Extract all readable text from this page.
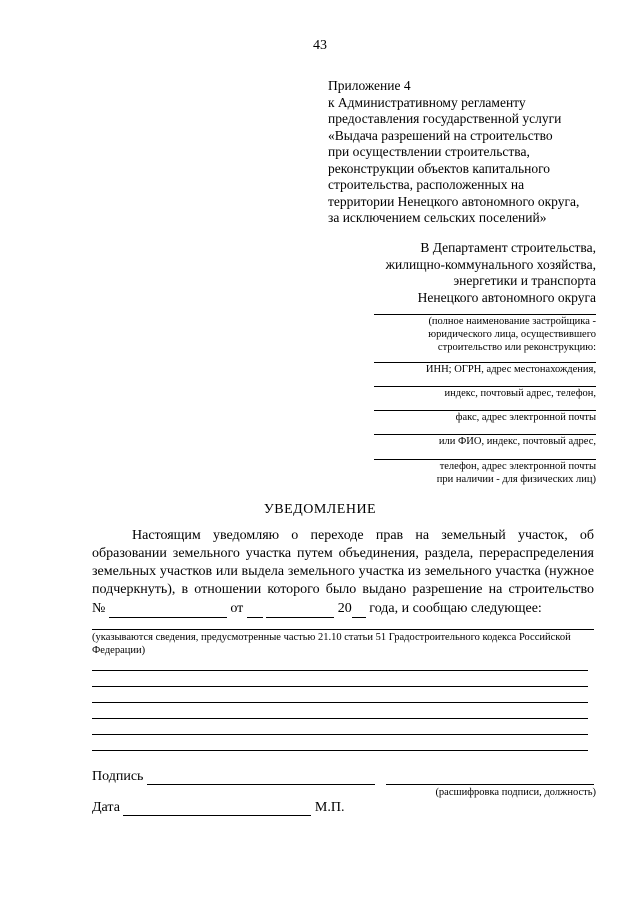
43
Приложение 4
к Административному регламенту
предоставления государственной услуги
«Выдача разрешений на строительство
при осуществлении строительства,
реконструкции объектов капитального
строительства, расположенных на
территории Ненецкого автономного округа,
за исключением сельских поселений»
В Департамент строительства,
жилищно-коммунального хозяйства,
энергетики и транспорта
Ненецкого автономного округа
(полное наименование застройщика -
юридического лица, осуществившего
строительство или реконструкцию:
ИНН; ОГРН, адрес местонахождения,
индекс, почтовый адрес, телефон,
факс, адрес электронной почты
или ФИО, индекс, почтовый адрес,
телефон, адрес электронной почты
при наличии - для физических лиц)
УВЕДОМЛЕНИЕ
Настоящим уведомляю о переходе прав на земельный участок, об
образовании земельного участка путем объединения, раздела, перераспределения
земельных участков или выдела земельного участка из земельного участка (нужное
подчеркнуть), в отношении которого было выдано разрешение на строительство
№	от	20 года, и сообщаю следующее:
(указываются сведения, предусмотренные частью 21.10 статьи 51 Градостроительного кодекса Российской
Федерации)
Подпись
(расшифровка подписи, должность)
Дата	М.П.
